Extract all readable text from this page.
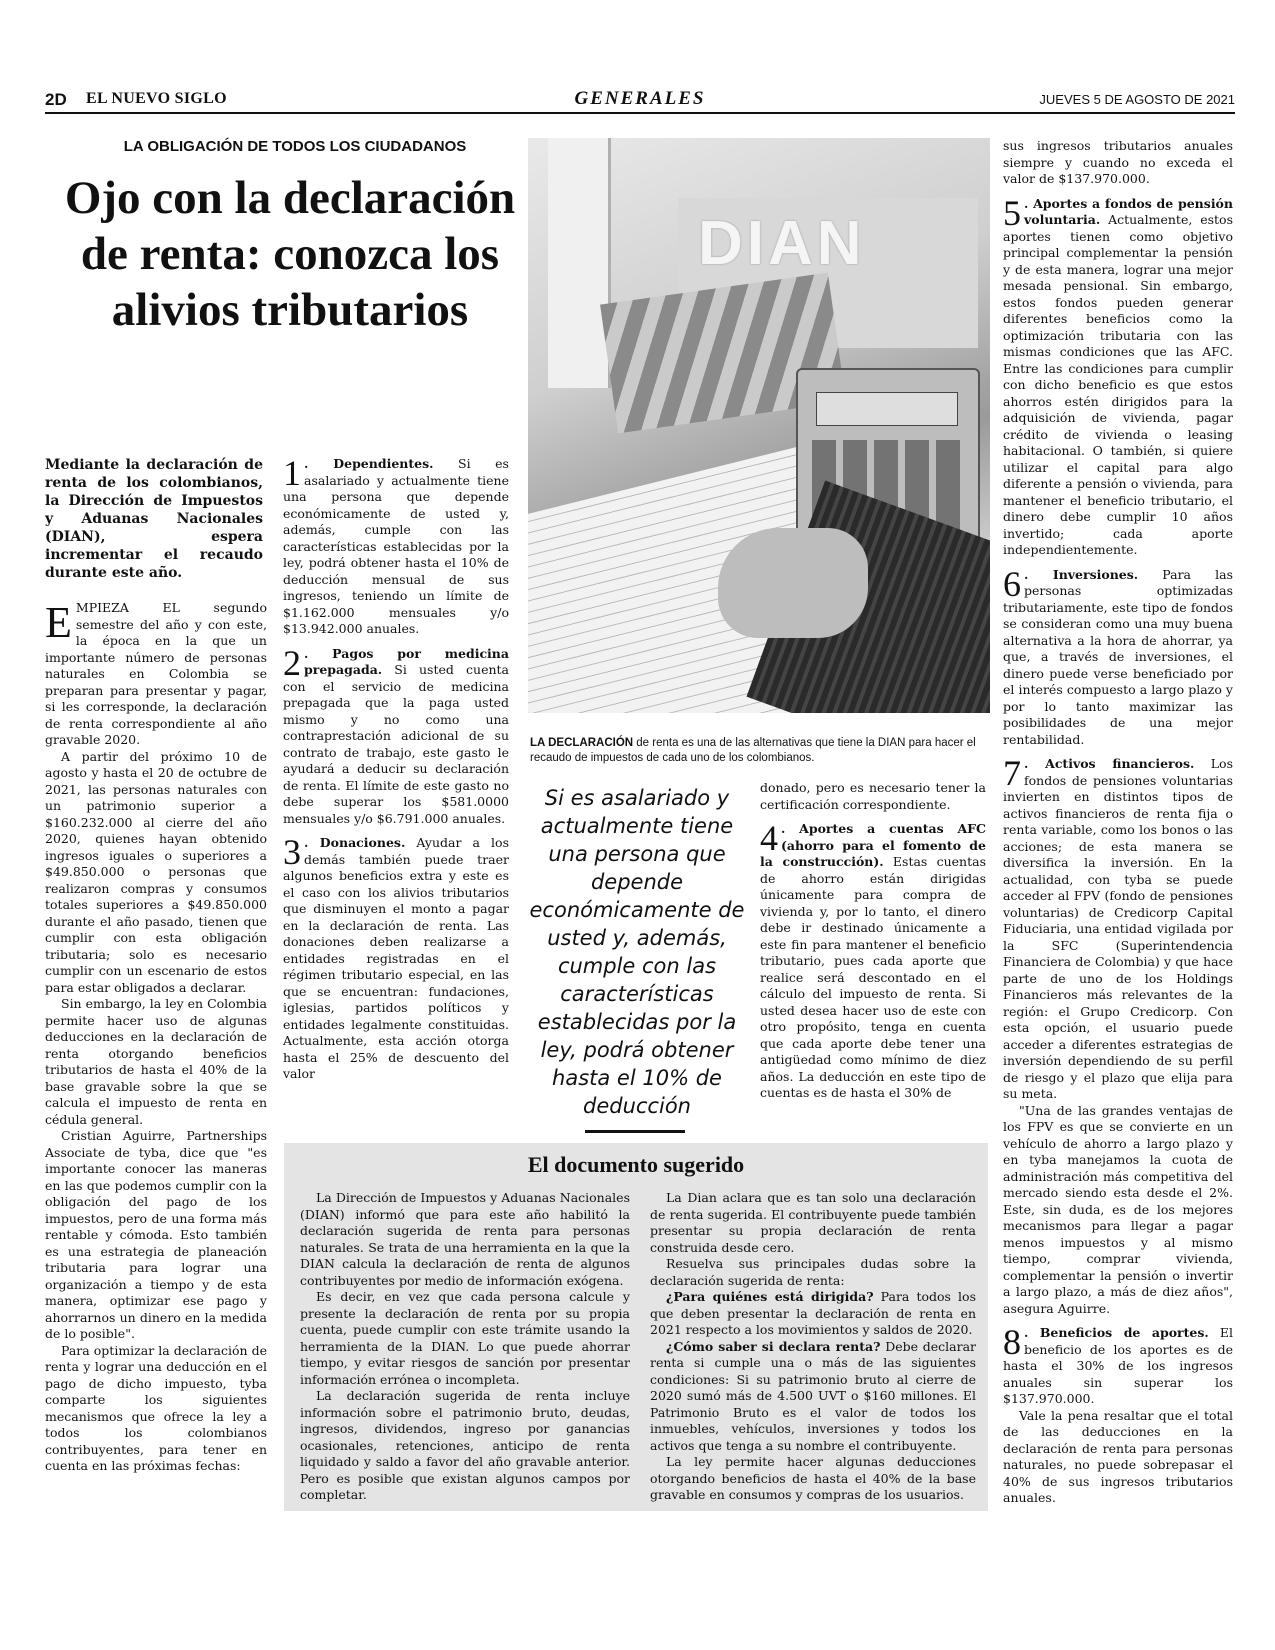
2D EL NUEVO SIGLO	GENERALES	JUEVES 5 DE AGOSTO DE 2021
LA OBLIGACIÓN DE TODOS LOS CIUDADANOS
Ojo con la declaración de renta: conozca los alivios tributarios
DIAN
LA DECLARACIÓN de renta es una de las alternativas que tiene la DIAN para hacer el recaudo de impuestos de cada uno de los colombianos.
Mediante la declaración de renta de los colombianos, la Dirección de Impuestos y Aduanas Nacionales (DIAN), espera incrementar el recaudo durante este año.

EMPIEZA EL segundo semestre del año y con este, la época en la que un importante número de personas naturales en Colombia se preparan para presentar y pagar, si les corresponde, la declaración de renta correspondiente al año gravable 2020.

A partir del próximo 10 de agosto y hasta el 20 de octubre de 2021, las personas naturales con un patrimonio superior a $160.232.000 al cierre del año 2020, quienes hayan obtenido ingresos iguales o superiores a $49.850.000 o personas que realizaron compras y consumos totales superiores a $49.850.000 durante el año pasado, tienen que cumplir con esta obligación tributaria; solo es necesario cumplir con un escenario de estos para estar obligados a declarar.

Sin embargo, la ley en Colombia permite hacer uso de algunas deducciones en la declaración de renta otorgando beneficios tributarios de hasta el 40% de la base gravable sobre la que se calcula el impuesto de renta en cédula general.

Cristian Aguirre, Partnerships Associate de tyba, dice que "es importante conocer las maneras en las que podemos cumplir con la obligación del pago de los impuestos, pero de una forma más rentable y cómoda. Esto también es una estrategia de planeación tributaria para lograr una organización a tiempo y de esta manera, optimizar ese pago y ahorrarnos un dinero en la medida de lo posible".

Para optimizar la declaración de renta y lograr una deducción en el pago de dicho impuesto, tyba comparte los siguientes mecanismos que ofrece la ley a todos los colombianos contribuyentes, para tener en cuenta en las próximas fechas:

1 . Dependientes. Si es asalariado y actualmente tiene una persona que depende económicamente de usted y, además, cumple con las características establecidas por la ley, podrá obtener hasta el 10% de deducción mensual de sus ingresos, teniendo un límite de $1.162.000 mensuales y/o $13.942.000 anuales.

2 . Pagos por medicina prepagada. Si usted cuenta con el servicio de medicina prepagada que la paga usted mismo y no como una contraprestación adicional de su contrato de trabajo, este gasto le ayudará a deducir su declaración de renta. El límite de este gasto no debe superar los $581.0000 mensuales y/o $6.791.000 anuales.

3 . Donaciones. Ayudar a los demás también puede traer algunos beneficios extra y este es el caso con los alivios tributarios que disminuyen el monto a pagar en la declaración de renta. Las donaciones deben realizarse a entidades registradas en el régimen tributario especial, en las que se encuentran: fundaciones, iglesias, partidos políticos y entidades legalmente constituidas. Actualmente, esta acción otorga hasta el 25% de descuento del valor

Si es asalariado y actualmente tiene una persona que depende económicamente de usted y, además, cumple con las características establecidas por la ley, podrá obtener hasta el 10% de deducción

donado, pero es necesario tener la certificación correspondiente.

4 . Aportes a cuentas AFC (ahorro para el fomento de la construcción). Estas cuentas de ahorro están dirigidas únicamente para compra de vivienda y, por lo tanto, el dinero debe ir destinado únicamente a este fin para mantener el beneficio tributario, pues cada aporte que realice será descontado en el cálculo del impuesto de renta. Si usted desea hacer uso de este con otro propósito, tenga en cuenta que cada aporte debe tener una antigüedad como mínimo de diez años. La deducción en este tipo de cuentas es de hasta el 30% de

sus ingresos tributarios anuales siempre y cuando no exceda el valor de $137.970.000.

5 . Aportes a fondos de pensión voluntaria. Actualmente, estos aportes tienen como objetivo principal complementar la pensión y de esta manera, lograr una mejor mesada pensional. Sin embargo, estos fondos pueden generar diferentes beneficios como la optimización tributaria con las mismas condiciones que las AFC. Entre las condiciones para cumplir con dicho beneficio es que estos ahorros estén dirigidos para la adquisición de vivienda, pagar crédito de vivienda o leasing habitacional. O también, si quiere utilizar el capital para algo diferente a pensión o vivienda, para mantener el beneficio tributario, el dinero debe cumplir 10 años invertido; cada aporte independientemente.

6 . Inversiones. Para las personas optimizadas tributariamente, este tipo de fondos se consideran como una muy buena alternativa a la hora de ahorrar, ya que, a través de inversiones, el dinero puede verse beneficiado por el interés compuesto a largo plazo y por lo tanto maximizar las posibilidades de una mejor rentabilidad.

7 . Activos financieros. Los fondos de pensiones voluntarias invierten en distintos tipos de activos financieros de renta fija o renta variable, como los bonos o las acciones; de esta manera se diversifica la inversión. En la actualidad, con tyba se puede acceder al FPV (fondo de pensiones voluntarias) de Credicorp Capital Fiduciaria, una entidad vigilada por la SFC (Superintendencia Financiera de Colombia) y que hace parte de uno de los Holdings Financieros más relevantes de la región: el Grupo Credicorp. Con esta opción, el usuario puede acceder a diferentes estrategias de inversión dependiendo de su perfil de riesgo y el plazo que elija para su meta.

"Una de las grandes ventajas de los FPV es que se convierte en un vehículo de ahorro a largo plazo y en tyba manejamos la cuota de administración más competitiva del mercado siendo esta desde el 2%. Este, sin duda, es de los mejores mecanismos para llegar a pagar menos impuestos y al mismo tiempo, comprar vivienda, complementar la pensión o invertir a largo plazo, a más de diez años", asegura Aguirre.

8 . Beneficios de aportes. El beneficio de los aportes es de hasta el 30% de los ingresos anuales sin superar los $137.970.000.

Vale la pena resaltar que el total de las deducciones en la declaración de renta para personas naturales, no puede sobrepasar el 40% de sus ingresos tributarios anuales.

El documento sugerido

La Dirección de Impuestos y Aduanas Nacionales (DIAN) informó que para este año habilitó la declaración sugerida de renta para personas naturales. Se trata de una herramienta en la que la DIAN calcula la declaración de renta de algunos contribuyentes por medio de información exógena.

Es decir, en vez que cada persona calcule y presente la declaración de renta por su propia cuenta, puede cumplir con este trámite usando la herramienta de la DIAN. Lo que puede ahorrar tiempo, y evitar riesgos de sanción por presentar información errónea o incompleta.

La declaración sugerida de renta incluye información sobre el patrimonio bruto, deudas, ingresos, dividendos, ingreso por ganancias ocasionales, retenciones, anticipo de renta liquidado y saldo a favor del año gravable anterior. Pero es posible que existan algunos campos por completar.

La Dian aclara que es tan solo una declaración de renta sugerida. El contribuyente puede también presentar su propia declaración de renta construida desde cero.

Resuelva sus principales dudas sobre la declaración sugerida de renta:

¿Para quiénes está dirigida? Para todos los que deben presentar la declaración de renta en 2021 respecto a los movimientos y saldos de 2020.

¿Cómo saber si declara renta? Debe declarar renta si cumple una o más de las siguientes condiciones: Si su patrimonio bruto al cierre de 2020 sumó más de 4.500 UVT o $160 millones. El Patrimonio Bruto es el valor de todos los inmuebles, vehículos, inversiones y todos los activos que tenga a su nombre el contribuyente.

La ley permite hacer algunas deducciones otorgando beneficios de hasta el 40% de la base gravable en consumos y compras de los usuarios.
